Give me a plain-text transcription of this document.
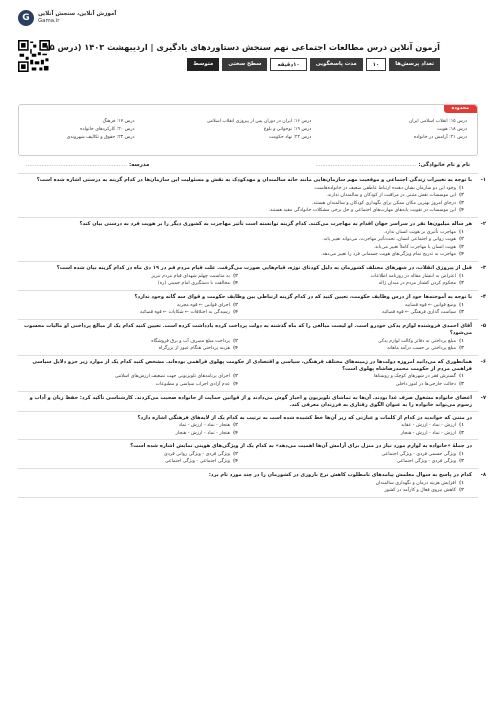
G	آموزش آنلاین، سنجش آنلاین
Gama.ir
آزمون آنلاین درس مطالعات اجتماعی نهم سنجش دستاوردهای یادگیری | اردیبهشت ۱۴۰۳ (درس ۱۵
تعداد پرسش‌ها
۱۰
مدت پاسخگویی
۱۰دقیقه
سطح سختی
متوسط
محدوده
درس ۱۵: انقلاب اسلامی ایران
درس ۱۶: ایران در دوران پس از پیروزی انقلاب اسلامی
درس ۱۷: فرهنگ
درس ۱۸: هویت
درس ۱۹: نوجوانی و بلوغ
درس ۲۰: کارکردهای خانواده
درس ۲۱: آرامش در خانواده
درس ۲۲: نهاد حکومت
درس ۲۳: حقوق و تکالیف شهروندی
نام و نام خانوادگی: ...........................................................
مدرسه: ...........................................................
۱-
با توجه به تغییرات زندگی اجتماعی و موقعیت مهم سازمان‌هایی مانند خانه سالمندان و مهدکودک به نقش و مسئولیت این سازمان‌ها در کدام گزینه به درستی اشاره شده است؟
۱)
وجود این دو سازمان نشان دهنده ارتباط عاطفی ضعیف در خانواده‌هاست.
۲)
این موسسات نقش مثبتی در مراقبت از کودکان و سالمندان ندارند.
۳)
درجای امروز بهترین مکان ممکن برای نگهداری کودکان و سالمندان هستند.
۴)
این موسسات در تقویت پایه‌های مهارت‌های اجتماعی و حل برخی مشکلات خانوادگی مفید هستند.
۲-
هر ساله میلیون‌ها نفر در سراسر جهان اقدام به مهاجرت می‌کنند. کدام گزینه توانسته است تأثیر مهاجرت به کشوری دیگر را بر هویت فرد به درستی بیان کند؟
۱)
مهاجرت تأثیری بر هویت انسان ندارد.
۲)
هویت روانی و اجتماعی انسان، تحت‌تأثیر مهاجرت، می‌تواند تغییر یابد.
۳)
هویت انسان با مهاجرت کاملاً تغییر می‌یابد.
۴)
مهاجرت به تدریج تمام ویژگی‌های هویت جسمانی فرد را تغییر می‌دهد.
۳-
قبل از پیروزی انقلاب، در شهرهای مختلف کشورمان به دلیل کودتای نوژه، قیام‌هایی صورت می‌گرفت. علت قیام مردم قم در ۱۹ دی ماه در کدام گزینه بیان شده است؟
۱)
اعتراض به انتشار مقاله در روزنامه اطلاعات
۲)
به مناسبت چهلم شهدای قیام مردم تبریز
۳)
محکوم کردن کشتار مردم در میدان ژاله
۴)
مخالفت با دستگیری امام خمینی (ره)
۴-
با توجه به آموخته‌ها خود از درس وظایف حکومت، تعیین کنید که در کدام گزینه ارتباطی بین وظایف حکومت و قوای سه گانه وجود ندارد؟
۱)
وضع قوانین ← قوه قضاییه
۲)
اجرای قوانین ← قوه مجریه
۳)
سیاست گذاری فرهنگی ← قوه قضائیه
۴)
رسیدگی به اختلافات ← شکایات ← قوه قضائیه
۵-
آقای احمدی فروشنده لوازم یدکی خودرو است. او لیست مبالغی را که ماه گذشته به دولت پرداخت کرده یادداشت کرده است. تعیین کنید کدام یک از مبالغ پرداختی او مالیات محسوب می‌شود؟
۱)
مبلغ پرداختی به دفاتر وکالت لوازم یدکی
۲)
پرداخت مبلغ مصرف آب و برق فروشگاه
۳)
مبلغ پرداختی بر حسب درآمد ماهانه
۴)
هزینه پرداختی هنگام عبور از بزرگراه
۶-
همانطوری که می‌دانید امروزه دولت‌ها در زمینه‌های مختلف فرهنگی، سیاسی و اقتصادی از حکومت پهلوی فراهمی بوده‌اند. مشخص کنید کدام یک از موارد زیر جزو دلایل سیاسی فراهمی مردم از حکومت محمدرضاشاه پهلوی است؟
۱)
گسترش فقر در شهرهای کوچک و روستاها
۲)
اجرای برنامه‌های تلویزیونی جهت تضعیف ارزش‌های اسلامی
۳)
دخالت خارجی‌ها در امور داخلی
۴)
عدم آزادی احزاب سیاسی و مطبوعات
۷-
اعضای خانواده مشغول صرف غذا بودند. آن‌ها به تماشای تلویزیون و اخبار گوش می‌دادند و از قوانین حمایت از خانواده صحبت می‌کردند. کارشناسی تأکید کرد: حفظ زبان و آداب و رسوم می‌تواند خانواده را به عنوان الگوی رفتاری به فرزندان معرفی کند.
در متنی که خواندید در کدام از کلمات و عبارتی که زیر آن‌ها خط کشیده شده است به ترتیب به کدام یک از لایه‌های فرهنگی اشاره دارد؟
۱)
ارزش - نماد - ارزش - عقاید
۲)
هنجار - نماد - ارزش - نماد
۳)
ارزش - نماد - ارزش - هنجار
۴)
هنجار - نماد - ارزش - هنجار
در جملهٔ «خانواده به لوازم مورد نیاز در منزل برای آرامش آن‌ها اهمیت می‌دهد» به کدام یک از ویژگی‌های هویتی نمایش اشاره شده است؟
۱)
ویژگی جسمی فردی - ویژگی اجتماعی
۲)
ویژگی فردی - ویژگی روانی فردی
۳)
ویژگی فردی - ویژگی اجتماعی
۴)
ویژگی اجتماعی - ویژگی اجتماعی
۸-
کدام در پاسخ به سوال معلمش پیامدهای نامطلوب کاهش نرخ باروری در کشورمان را در چند مورد نام برد:
۱)
افزایش هزینه درمان و نگهداری سالمندان
۲)
کاهش نیروی فعال و کارآمد در کشور
